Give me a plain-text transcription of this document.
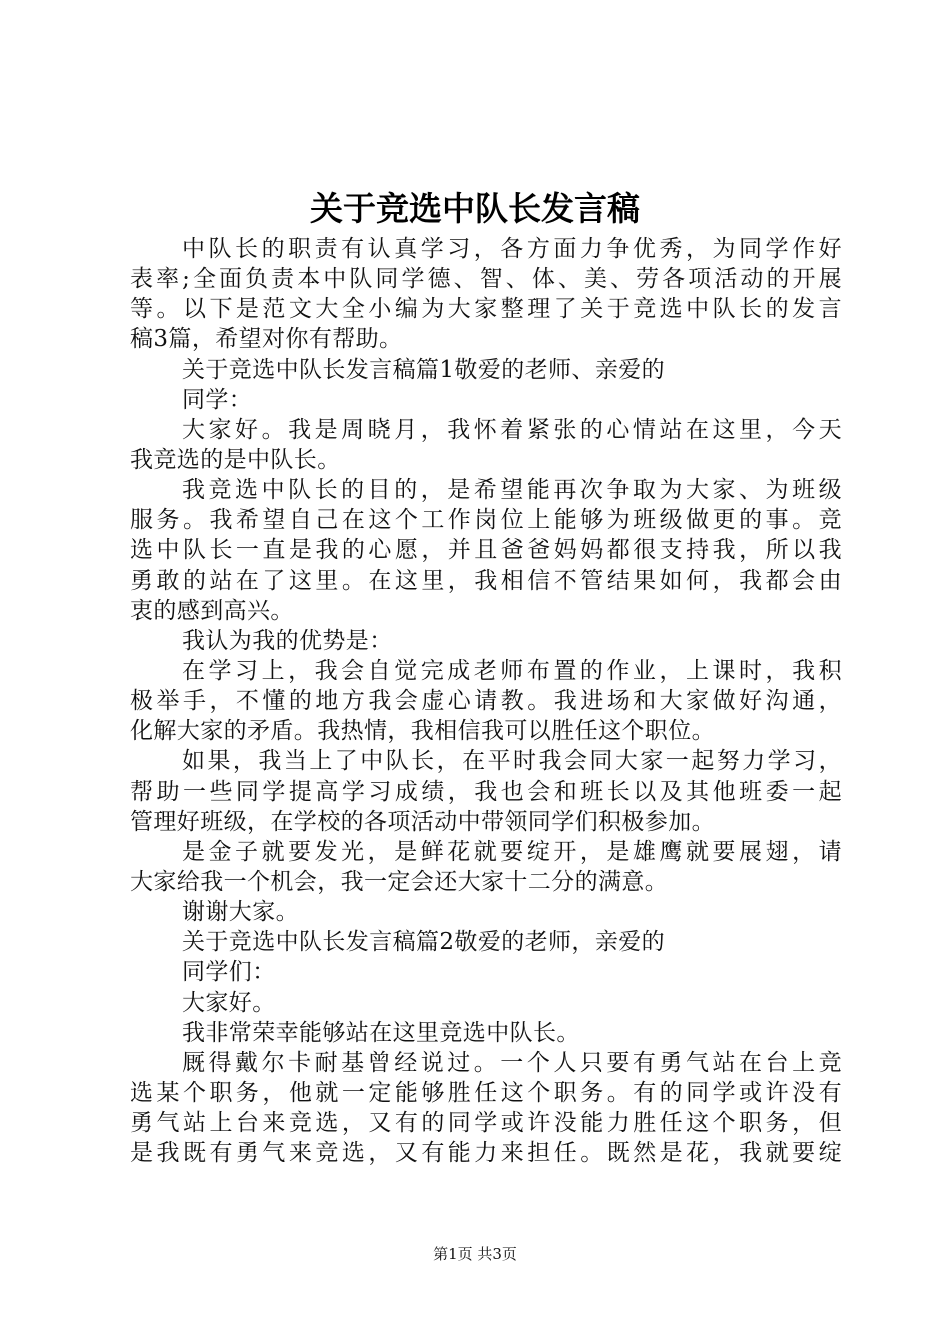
关于竞选中队长发言稿
中队长的职责有认真学习，各方面力争优秀，为同学作好
表率;全面负责本中队同学德、智、体、美、劳各项活动的开展
等。以下是范文大全小编为大家整理了关于竞选中队长的发言
稿3篇，希望对你有帮助。
关于竞选中队长发言稿篇1敬爱的老师、亲爱的
同学：
大家好。我是周晓月，我怀着紧张的心情站在这里，今天
我竞选的是中队长。
我竞选中队长的目的，是希望能再次争取为大家、为班级
服务。我希望自己在这个工作岗位上能够为班级做更的事。竞
选中队长一直是我的心愿，并且爸爸妈妈都很支持我，所以我
勇敢的站在了这里。在这里，我相信不管结果如何，我都会由
衷的感到高兴。
我认为我的优势是：
在学习上，我会自觉完成老师布置的作业，上课时，我积
极举手，不懂的地方我会虚心请教。我进场和大家做好沟通，
化解大家的矛盾。我热情，我相信我可以胜任这个职位。
如果，我当上了中队长，在平时我会同大家一起努力学习，
帮助一些同学提高学习成绩，我也会和班长以及其他班委一起
管理好班级，在学校的各项活动中带领同学们积极参加。
是金子就要发光，是鲜花就要绽开，是雄鹰就要展翅，请
大家给我一个机会，我一定会还大家十二分的满意。
谢谢大家。
关于竞选中队长发言稿篇2敬爱的老师，亲爱的
同学们：
大家好。
我非常荣幸能够站在这里竞选中队长。
厩得戴尔卡耐基曾经说过。一个人只要有勇气站在台上竞
选某个职务，他就一定能够胜任这个职务。有的同学或许没有
勇气站上台来竞选，又有的同学或许没能力胜任这个职务，但
是我既有勇气来竞选，又有能力来担任。既然是花，我就要绽
第1页 共3页
